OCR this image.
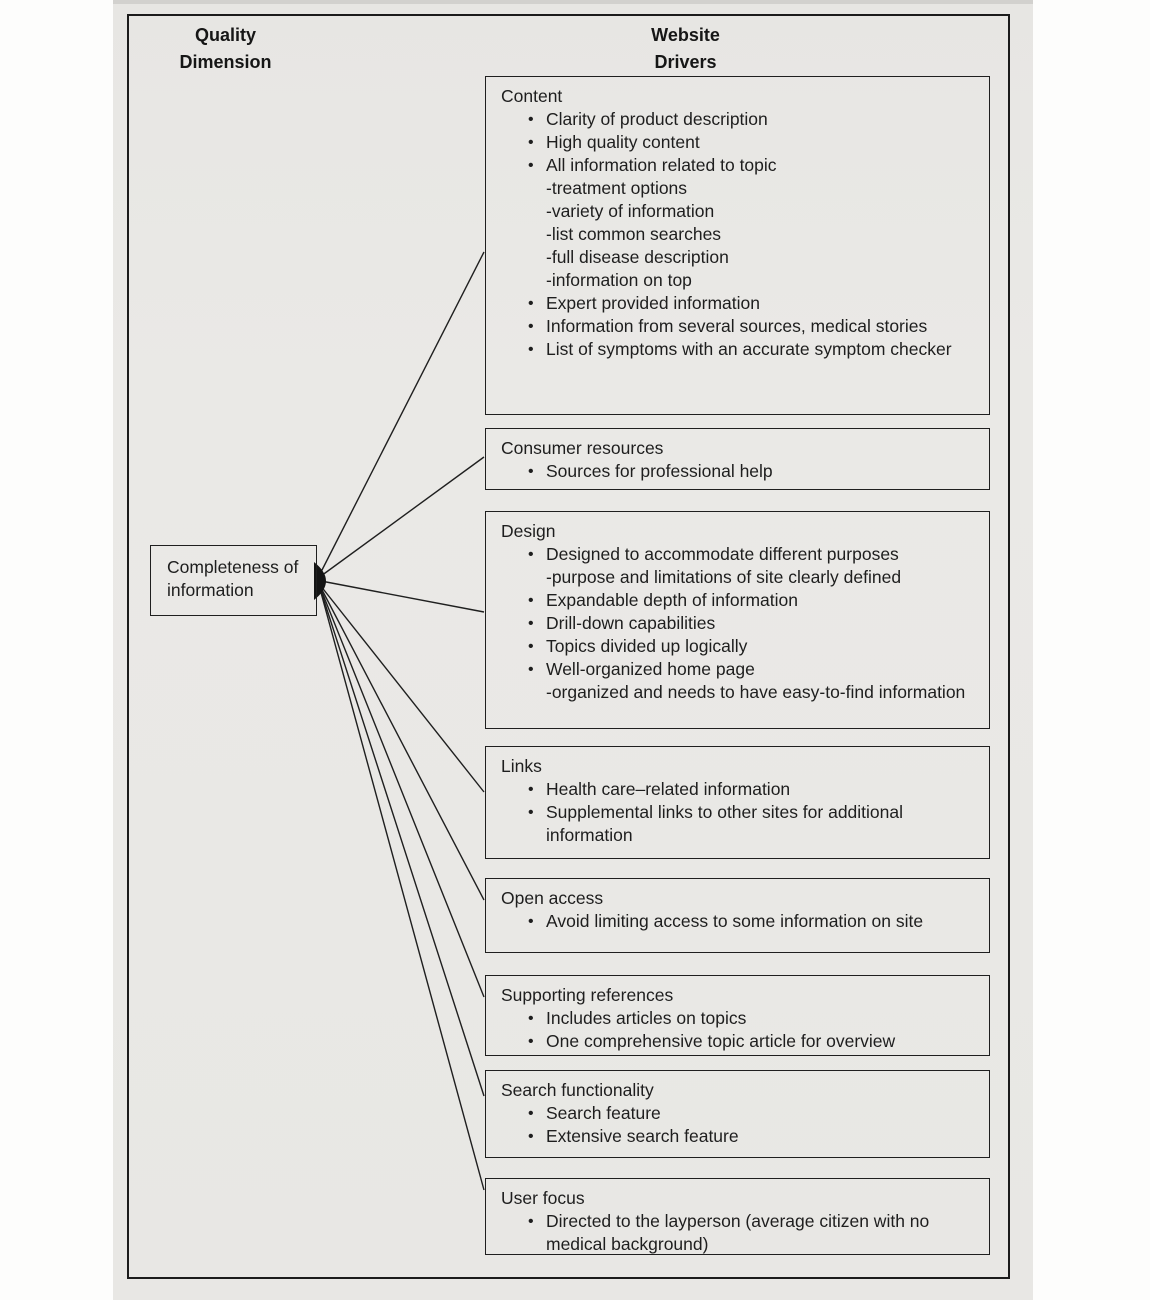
Quality
Dimension
Website
Drivers
Completeness of information
Content
• Clarity of product description
• High quality content
• All information related to topic
-treatment options
-variety of information
-list common searches
-full disease description
-information on top
• Expert provided information
• Information from several sources, medical stories
• List of symptoms with an accurate symptom checker
Consumer resources
• Sources for professional help
Design
• Designed to accommodate different purposes
-purpose and limitations of site clearly defined
• Expandable depth of information
• Drill-down capabilities
• Topics divided up logically
• Well-organized home page
-organized and needs to have easy-to-find information
Links
• Health care–related information
• Supplemental links to other sites for additional information
Open access
• Avoid limiting access to some information on site
Supporting references
• Includes articles on topics
• One comprehensive topic article for overview
Search functionality
• Search feature
• Extensive search feature
User focus
• Directed to the layperson (average citizen with no medical background)
